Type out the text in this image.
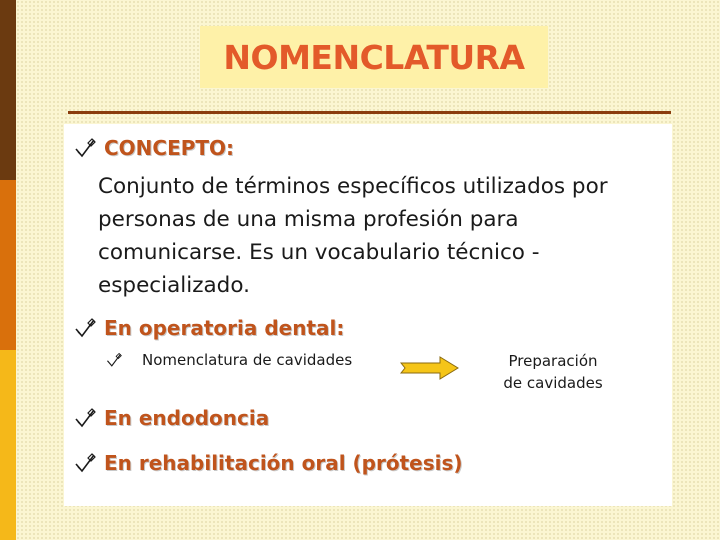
NOMENCLATURA
CONCEPTO:
Conjunto de términos específicos utilizados por
personas de una misma profesión para
comunicarse. Es un vocabulario técnico -
especializado.
En operatoria dental:
Nomenclatura de cavidades	Preparación
de cavidades
En endodoncia
En rehabilitación oral (prótesis)
